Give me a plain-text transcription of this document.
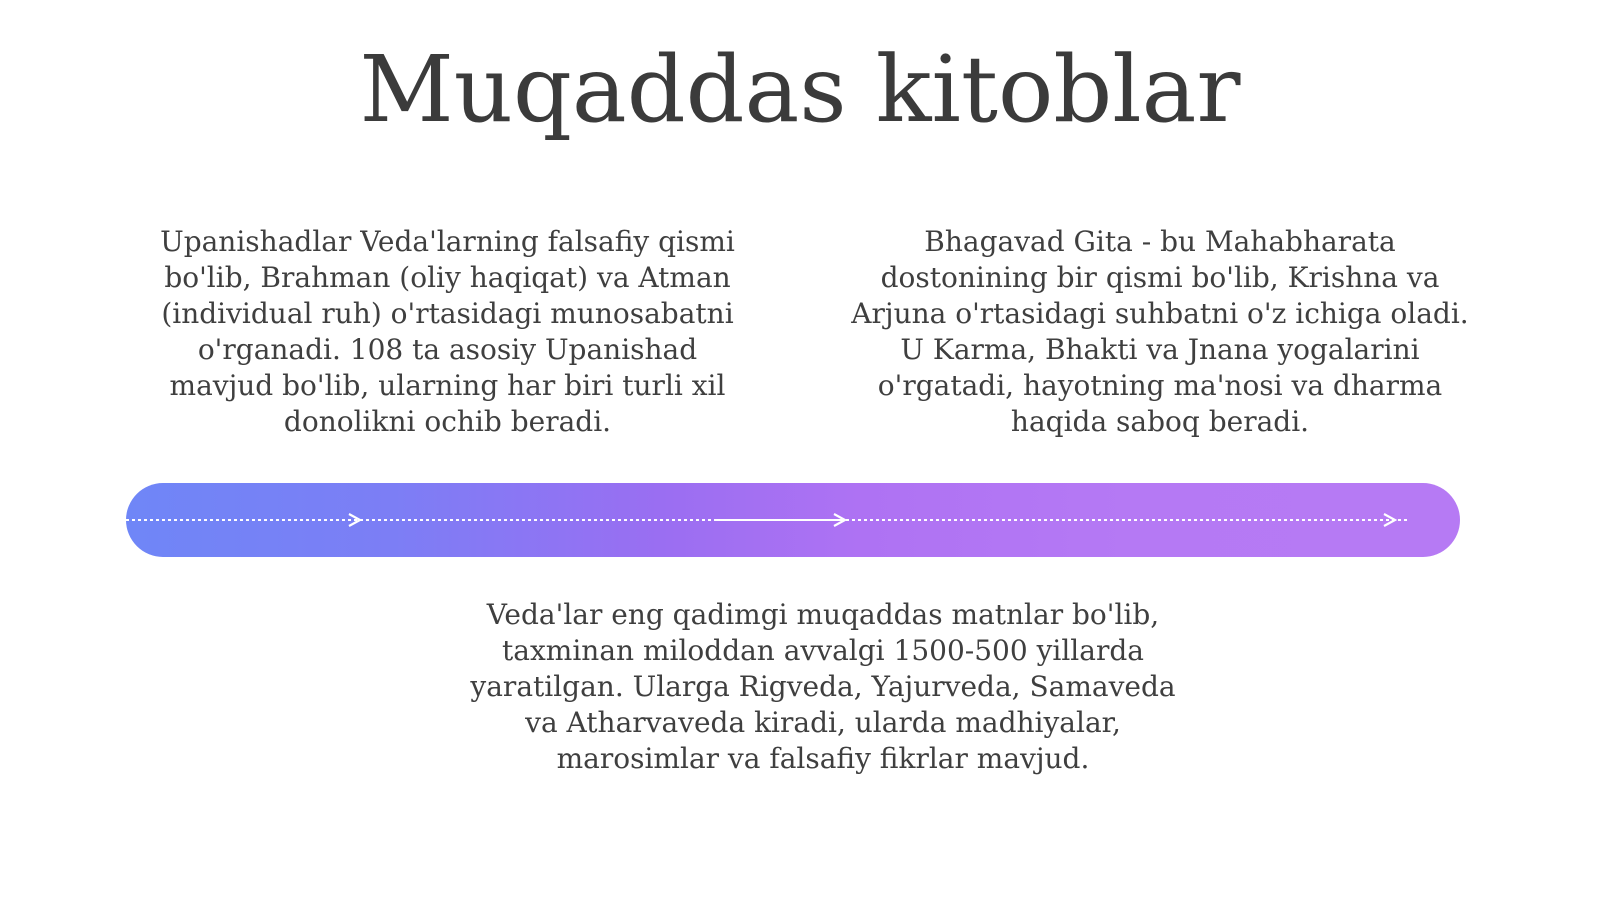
Muqaddas kitoblar
Upanishadlar Veda'larning falsafiy qismi bo'lib, Brahman (oliy haqiqat) va Atman (individual ruh) o'rtasidagi munosabatni o'rganadi. 108 ta asosiy Upanishad mavjud bo'lib, ularning har biri turli xil donolikni ochib beradi.
Bhagavad Gita - bu Mahabharata dostonining bir qismi bo'lib, Krishna va Arjuna o'rtasidagi suhbatni o'z ichiga oladi. U Karma, Bhakti va Jnana yogalarini o'rgatadi, hayotning ma'nosi va dharma haqida saboq beradi.
Veda'lar eng qadimgi muqaddas matnlar bo'lib, taxminan miloddan avvalgi 1500-500 yillarda yaratilgan. Ularga Rigveda, Yajurveda, Samaveda va Atharvaveda kiradi, ularda madhiyalar, marosimlar va falsafiy fikrlar mavjud.
